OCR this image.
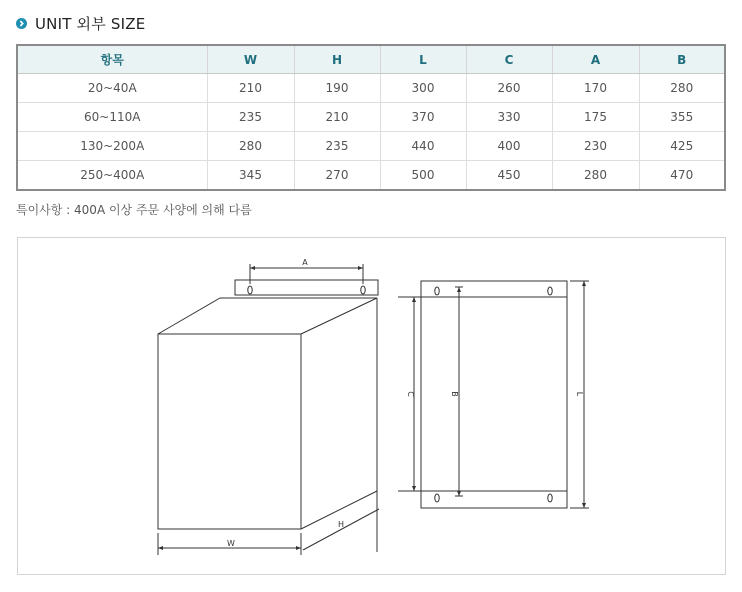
UNIT 외부 SIZE
항목	W	H	L	C	A	B
20~40A	210	190	300	260	170	280
60~110A	235	210	370	330	175	355
130~200A	280	235	440	400	230	425
250~400A	345	270	500	450	280	470
특이사항 : 400A 이상 주문 사양에 의해 다름
A
W
H
C	B	L
